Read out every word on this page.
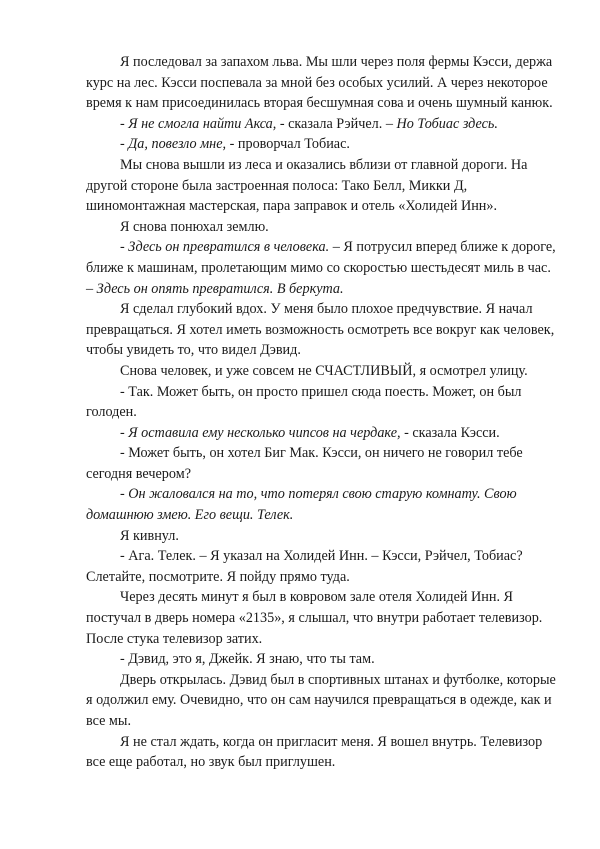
Я последовал за запахом льва. Мы шли через поля фермы Кэсси, держа курс на лес. Кэсси поспевала за мной без особых усилий. А через некоторое время к нам присоединилась вторая бесшумная сова и очень шумный канюк.

- Я не смогла найти Акса, - сказала Рэйчел. – Но Тобиас здесь.

- Да, повезло мне, - проворчал Тобиас.

Мы снова вышли из леса и оказались вблизи от главной дороги. На другой стороне была застроенная полоса: Тако Белл, Микки Д, шиномонтажная мастерская, пара заправок и отель «Холидей Инн».

Я снова понюхал землю.

- Здесь он превратился в человека. – Я потрусил вперед ближе к дороге, ближе к машинам, пролетающим мимо со скоростью шестьдесят миль в час. – Здесь он опять превратился. В беркута.

Я сделал глубокий вдох. У меня было плохое предчувствие. Я начал превращаться. Я хотел иметь возможность осмотреть все вокруг как человек, чтобы увидеть то, что видел Дэвид.

Снова человек, и уже совсем не СЧАСТЛИВЫЙ, я осмотрел улицу.

- Так. Может быть, он просто пришел сюда поесть. Может, он был голоден.

- Я оставила ему несколько чипсов на чердаке, - сказала Кэсси.

- Может быть, он хотел Биг Мак. Кэсси, он ничего не говорил тебе сегодня вечером?

- Он жаловался на то, что потерял свою старую комнату. Свою домашнюю змею. Его вещи. Телек.

Я кивнул.

- Ага. Телек. – Я указал на Холидей Инн. – Кэсси, Рэйчел, Тобиас? Слетайте, посмотрите. Я пойду прямо туда.

Через десять минут я был в ковровом зале отеля Холидей Инн. Я постучал в дверь номера «2135», я слышал, что внутри работает телевизор. После стука телевизор затих.

- Дэвид, это я, Джейк. Я знаю, что ты там.

Дверь открылась. Дэвид был в спортивных штанах и футболке, которые я одолжил ему. Очевидно, что он сам научился превращаться в одежде, как и все мы.

Я не стал ждать, когда он пригласит меня. Я вошел внутрь. Телевизор все еще работал, но звук был приглушен.
